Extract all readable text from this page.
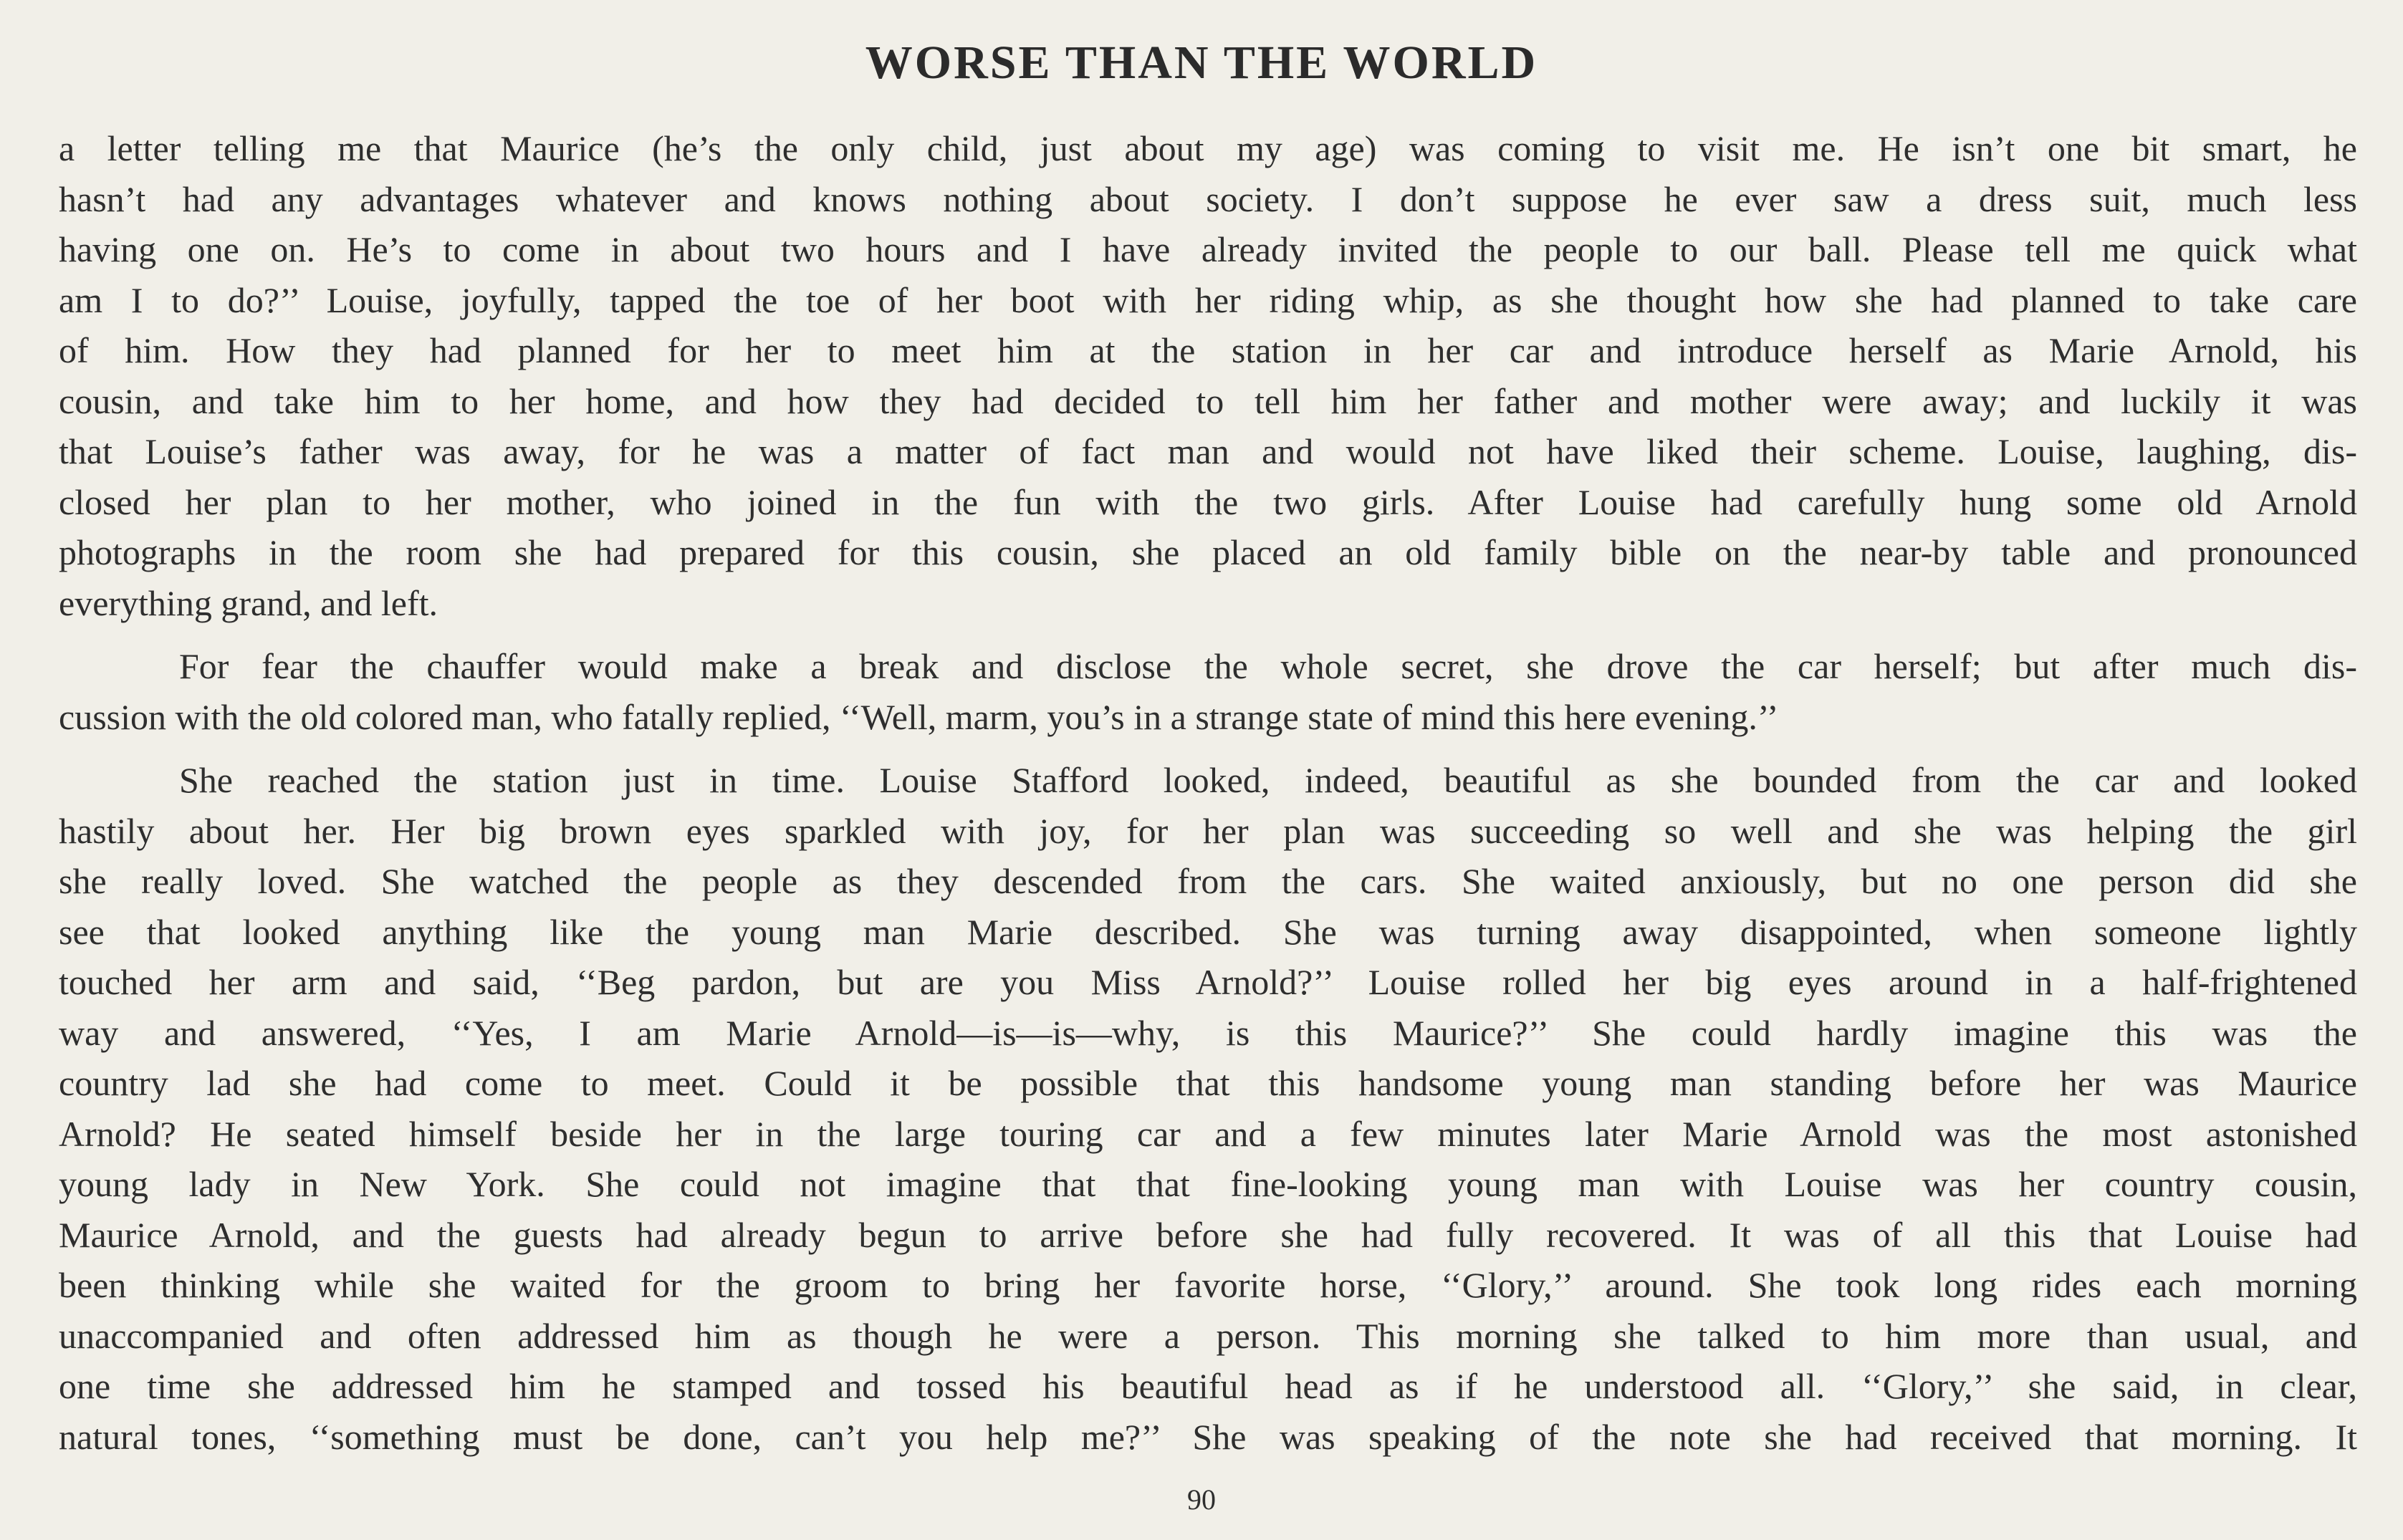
WORSE THAN THE WORLD
a letter telling me that Maurice (he’s the only child, just about my age) was coming to visit me. He isn’t one bit smart, he
hasn’t had any advantages whatever and knows nothing about society. I don’t suppose he ever saw a dress suit, much less
having one on. He’s to come in about two hours and I have already invited the people to our ball. Please tell me quick what
am I to do?’’ Louise, joyfully, tapped the toe of her boot with her riding whip, as she thought how she had planned to take care
of him. How they had planned for her to meet him at the station in her car and introduce herself as Marie Arnold, his
cousin, and take him to her home, and how they had decided to tell him her father and mother were away; and luckily it was
that Louise’s father was away, for he was a matter of fact man and would not have liked their scheme. Louise, laughing, dis-
closed her plan to her mother, who joined in the fun with the two girls. After Louise had carefully hung some old Arnold
photographs in the room she had prepared for this cousin, she placed an old family bible on the near-by table and pronounced
everything grand, and left.
For fear the chauffer would make a break and disclose the whole secret, she drove the car herself; but after much dis-
cussion with the old colored man, who fatally replied, ‘‘Well, marm, you’s in a strange state of mind this here evening.’’
She reached the station just in time. Louise Stafford looked, indeed, beautiful as she bounded from the car and looked
hastily about her. Her big brown eyes sparkled with joy, for her plan was succeeding so well and she was helping the girl
she really loved. She watched the people as they descended from the cars. She waited anxiously, but no one person did she
see that looked anything like the young man Marie described. She was turning away disappointed, when someone lightly
touched her arm and said, ‘‘Beg pardon, but are you Miss Arnold?’’ Louise rolled her big eyes around in a half-frightened
way and answered, ‘‘Yes, I am Marie Arnold—is—is—why, is this Maurice?’’ She could hardly imagine this was the
country lad she had come to meet. Could it be possible that this handsome young man standing before her was Maurice
Arnold? He seated himself beside her in the large touring car and a few minutes later Marie Arnold was the most astonished
young lady in New York. She could not imagine that that fine-looking young man with Louise was her country cousin,
Maurice Arnold, and the guests had already begun to arrive before she had fully recovered. It was of all this that Louise had
been thinking while she waited for the groom to bring her favorite horse, ‘‘Glory,’’ around. She took long rides each morning
unaccompanied and often addressed him as though he were a person. This morning she talked to him more than usual, and
one time she addressed him he stamped and tossed his beautiful head as if he understood all. ‘‘Glory,’’ she said, in clear,
natural tones, ‘‘something must be done, can’t you help me?’’ She was speaking of the note she had received that morning. It
90
